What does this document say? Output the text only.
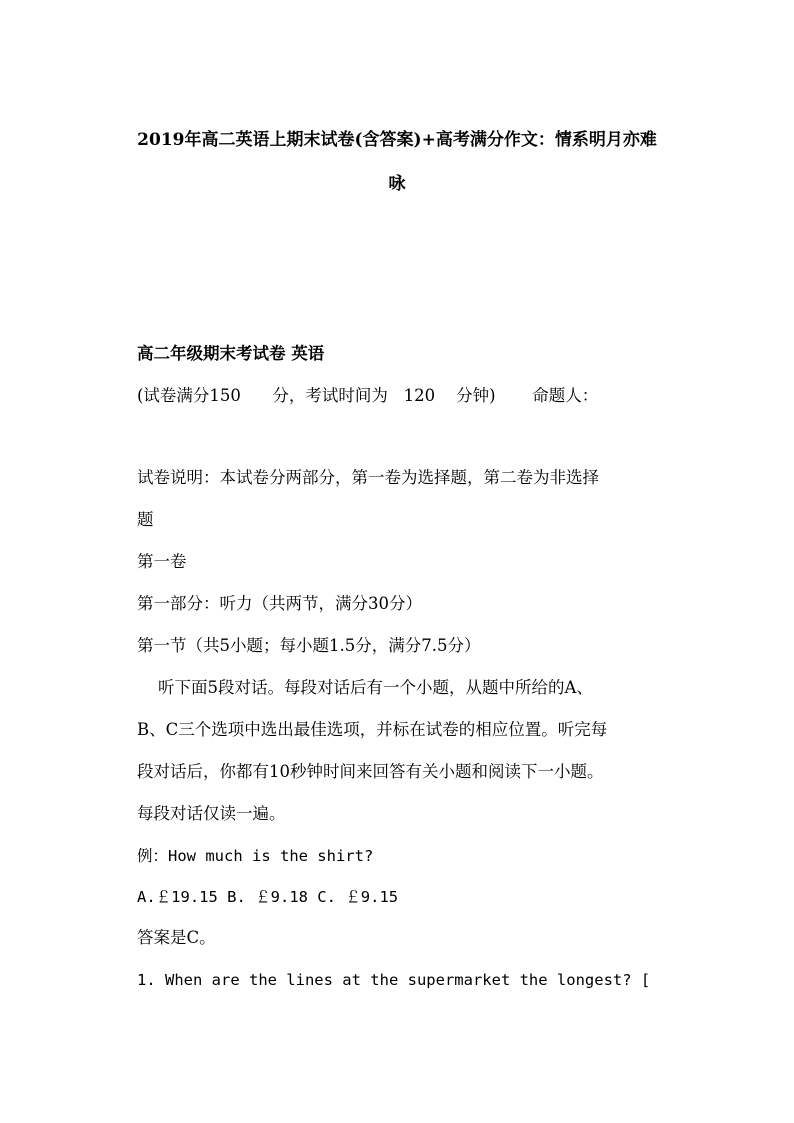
2019年高二英语上期末试卷(含答案)+高考满分作文：情系明月亦难
咏
高二年级期末考试卷 英语
(试卷满分150      分，考试时间为   120    分钟)       命题人：
试卷说明：本试卷分两部分，第一卷为选择题，第二卷为非选择
题
第一卷
第一部分：听力（共两节，满分30分）
第一节（共5小题；每小题1.5分，满分7.5分）
听下面5段对话。每段对话后有一个小题，从题中所给的A、
B、C三个选项中选出最佳选项，并标在试卷的相应位置。听完每
段对话后，你都有10秒钟时间来回答有关小题和阅读下一小题。
每段对话仅读一遍。
例：How much is the shirt?
A.￡19.15 B. ￡9.18 C. ￡9.15
答案是C。
1. When are the lines at the supermarket the longest? [
